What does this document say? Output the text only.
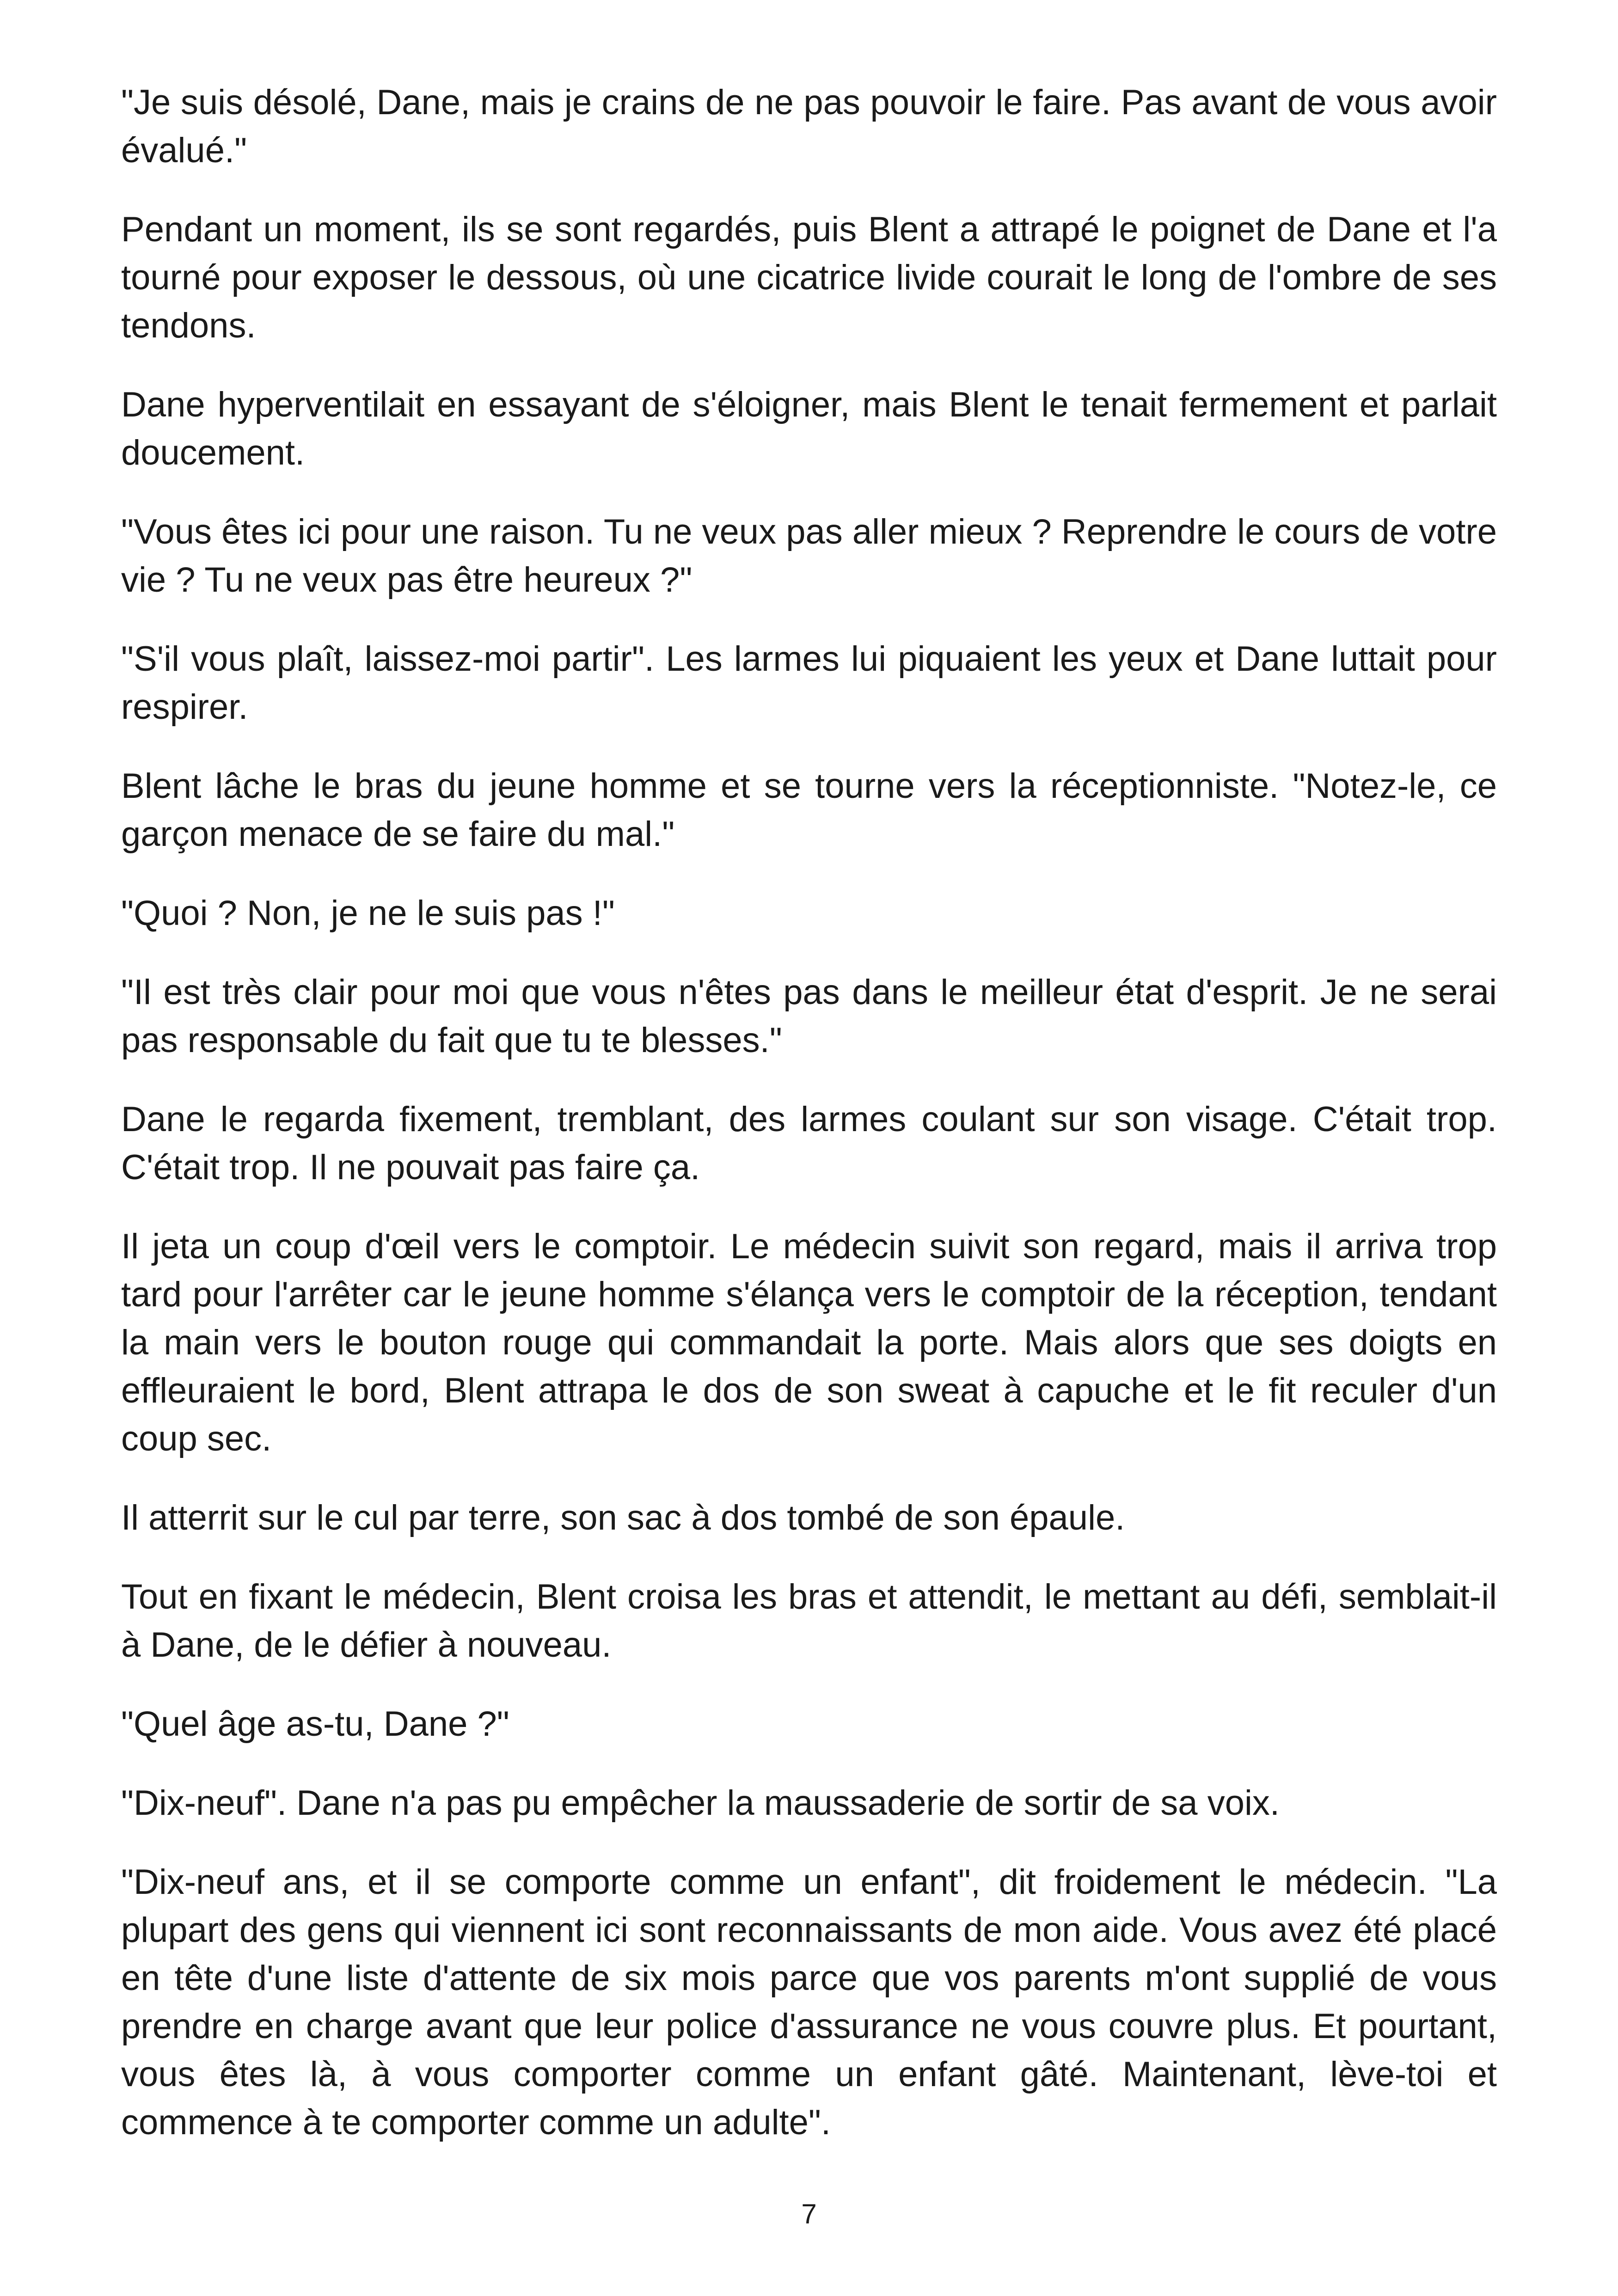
"Je suis désolé, Dane, mais je crains de ne pas pouvoir le faire. Pas avant de vous avoir évalué."

Pendant un moment, ils se sont regardés, puis Blent a attrapé le poignet de Dane et l'a tourné pour exposer le dessous, où une cicatrice livide courait le long de l'ombre de ses tendons.

Dane hyperventilait en essayant de s'éloigner, mais Blent le tenait fermement et parlait doucement.

"Vous êtes ici pour une raison. Tu ne veux pas aller mieux ? Reprendre le cours de votre vie ? Tu ne veux pas être heureux ?"

"S'il vous plaît, laissez-moi partir". Les larmes lui piquaient les yeux et Dane luttait pour respirer.

Blent lâche le bras du jeune homme et se tourne vers la réceptionniste. "Notez-le, ce garçon menace de se faire du mal."

"Quoi ? Non, je ne le suis pas !"

"Il est très clair pour moi que vous n'êtes pas dans le meilleur état d'esprit. Je ne serai pas responsable du fait que tu te blesses."

Dane le regarda fixement, tremblant, des larmes coulant sur son visage. C'était trop. C'était trop. Il ne pouvait pas faire ça.

Il jeta un coup d'œil vers le comptoir. Le médecin suivit son regard, mais il arriva trop tard pour l'arrêter car le jeune homme s'élança vers le comptoir de la réception, tendant la main vers le bouton rouge qui commandait la porte. Mais alors que ses doigts en effleuraient le bord, Blent attrapa le dos de son sweat à capuche et le fit reculer d'un coup sec.

Il atterrit sur le cul par terre, son sac à dos tombé de son épaule.

Tout en fixant le médecin, Blent croisa les bras et attendit, le mettant au défi, semblait-il à Dane, de le défier à nouveau.

"Quel âge as-tu, Dane ?"

"Dix-neuf". Dane n'a pas pu empêcher la maussaderie de sortir de sa voix.

"Dix-neuf ans, et il se comporte comme un enfant", dit froidement le médecin. "La plupart des gens qui viennent ici sont reconnaissants de mon aide. Vous avez été placé en tête d'une liste d'attente de six mois parce que vos parents m'ont supplié de vous prendre en charge avant que leur police d'assurance ne vous couvre plus. Et pourtant, vous êtes là, à vous comporter comme un enfant gâté. Maintenant, lève-toi et commence à te comporter comme un adulte".

7
